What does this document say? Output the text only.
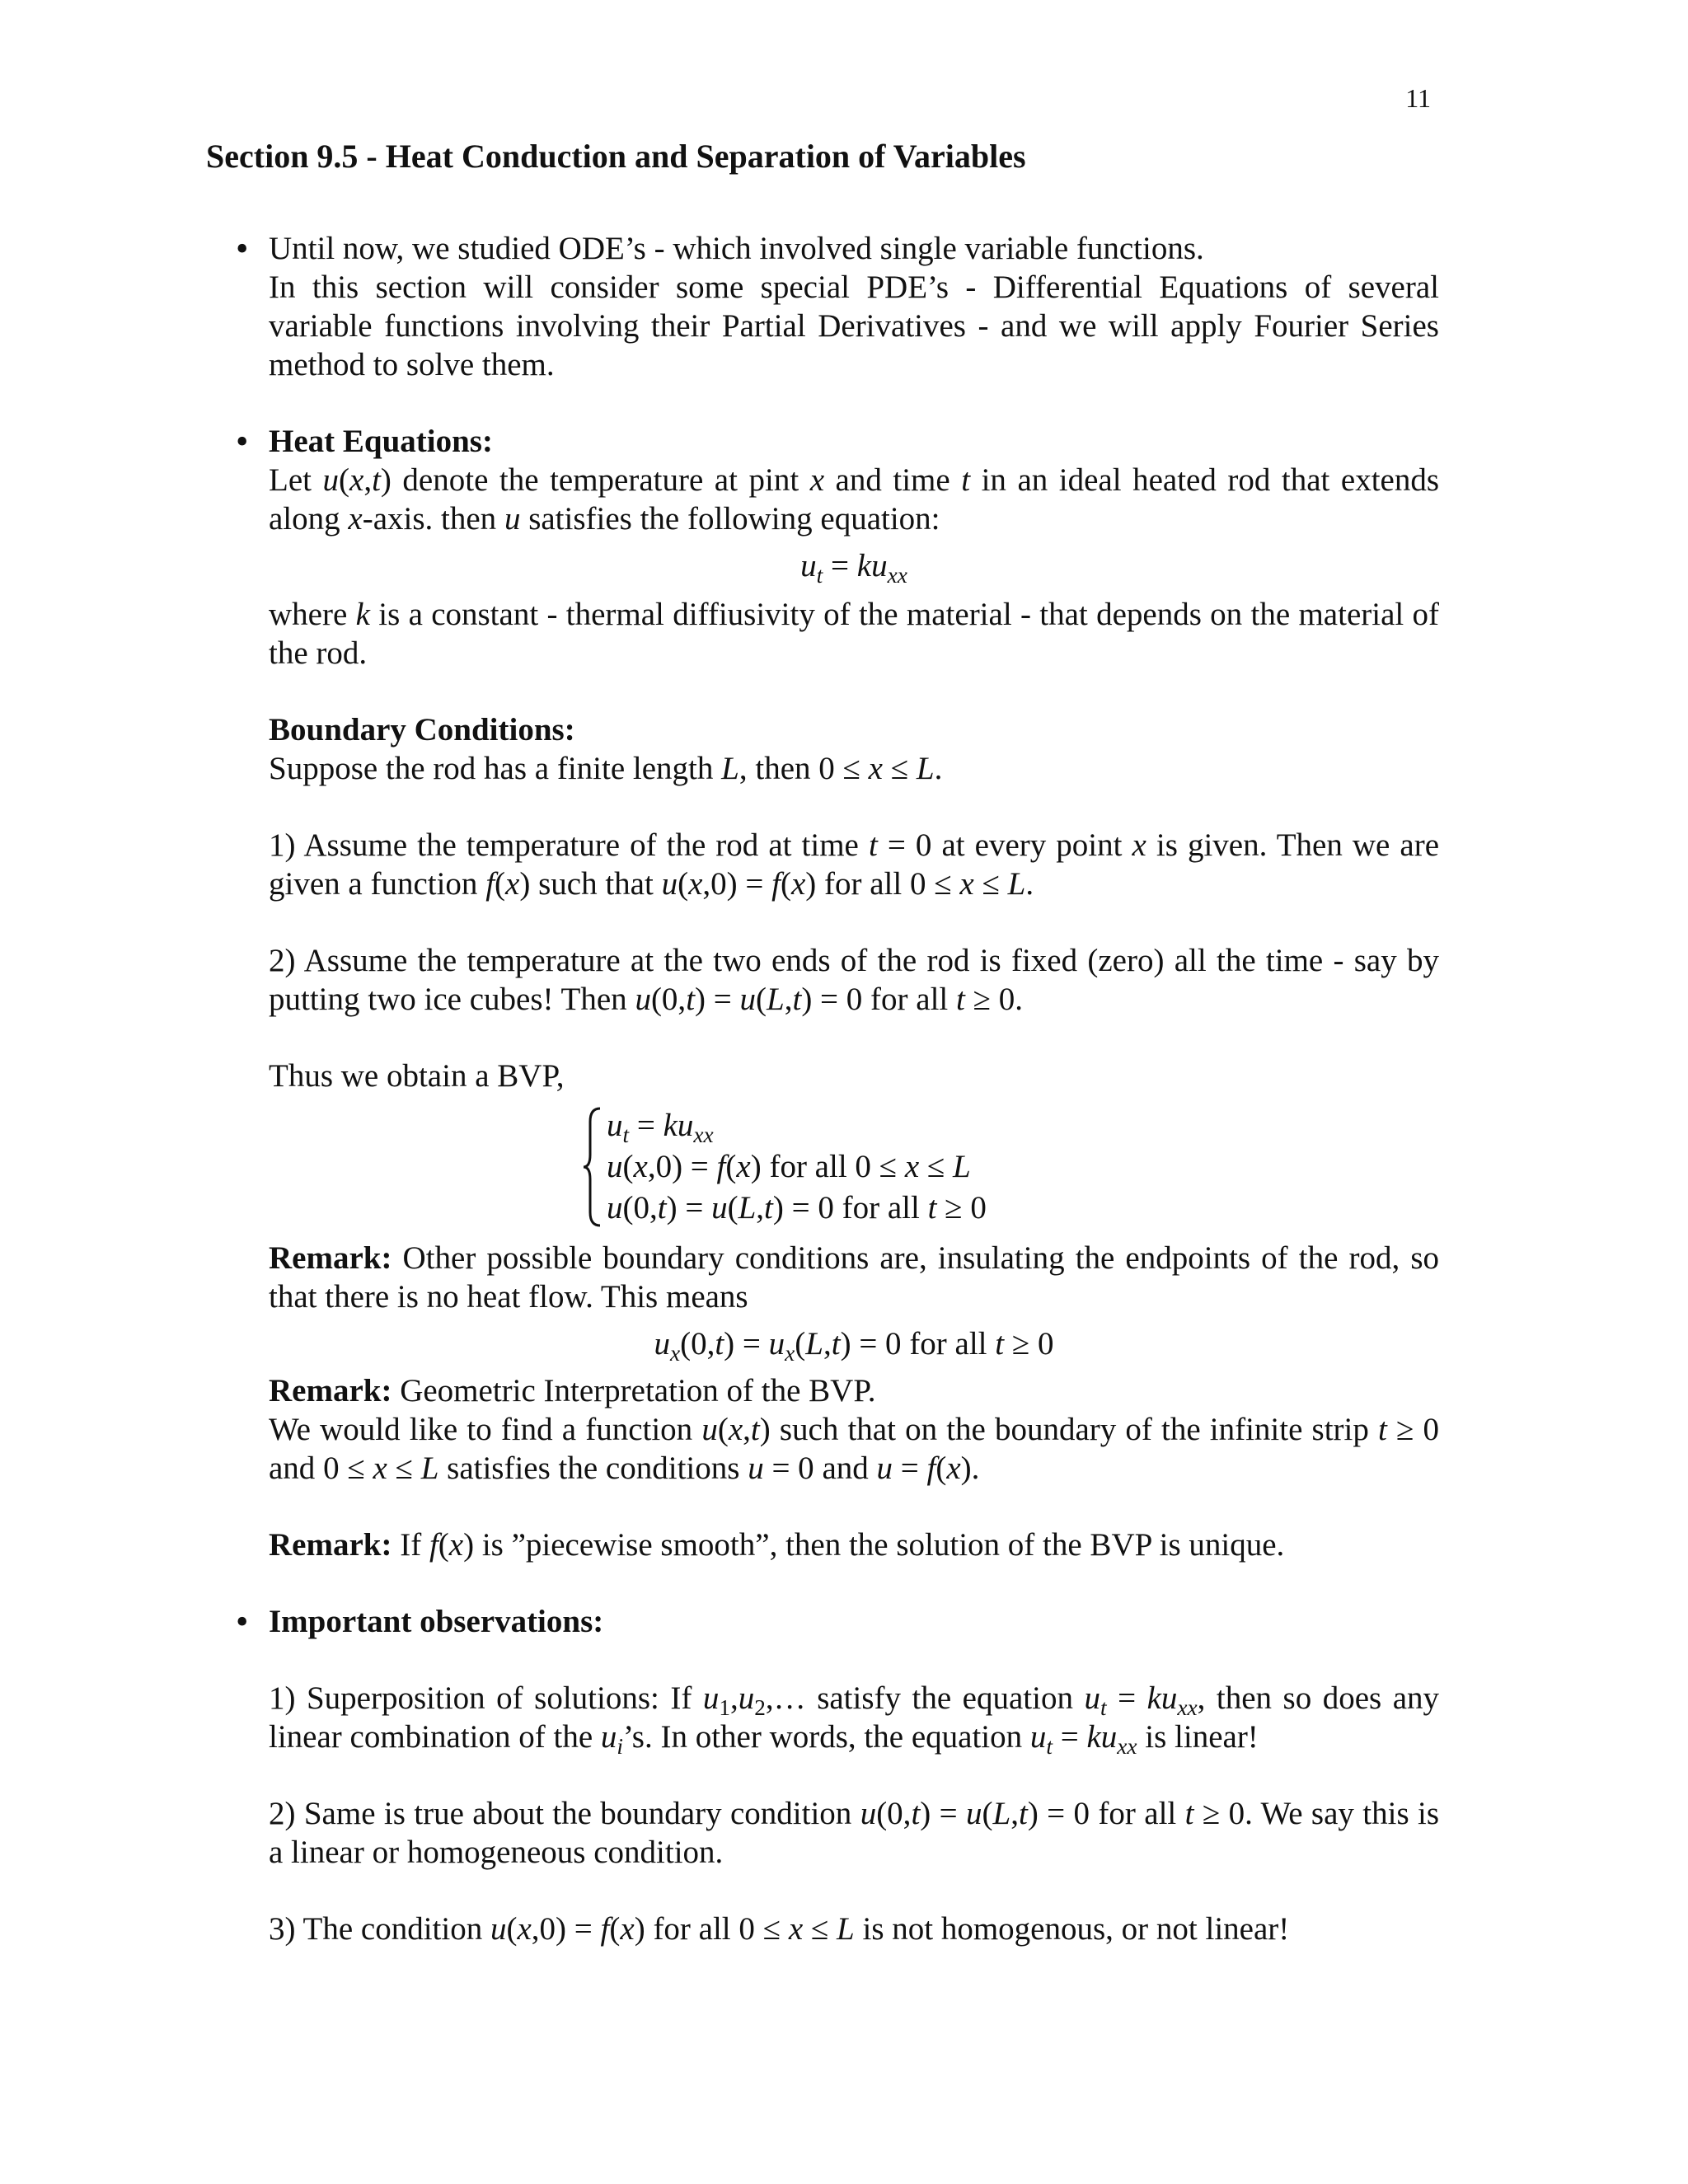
11
Section 9.5 - Heat Conduction and Separation of Variables

• Until now, we studied ODE’s - which involved single variable functions.

In this section will consider some special PDE’s - Differential Equations of several variable functions involving their Partial Derivatives - and we will apply Fourier Series method to solve them.

• Heat Equations:

Let u(x,t) denote the temperature at pint x and time t in an ideal heated rod that extends along x-axis. then u satisfies the following equation:

$u_t = ku_{xx}$

where k is a constant - thermal diffiusivity of the material - that depends on the material of the rod.

Boundary Conditions:

Suppose the rod has a finite length L, then 0 ≤ x ≤ L.

1) Assume the temperature of the rod at time t = 0 at every point x is given. Then we are given a function f(x) such that u(x,0) = f(x) for all 0 ≤ x ≤ L.

2) Assume the temperature at the two ends of the rod is fixed (zero) all the time - say by putting two ice cubes! Then u(0,t) = u(L,t) = 0 for all t ≥ 0.

Thus we obtain a BVP,

$u_t = ku_{xx}$
u(x,0) = f(x) for all 0 ≤ x ≤ L
u(0,t) = u(L,t) = 0 for all t ≥ 0

Remark: Other possible boundary conditions are, insulating the endpoints of the rod, so that there is no heat flow. This means

$u_x(0,t) = u_x(L,t) = 0$ for all t ≥ 0

Remark: Geometric Interpretation of the BVP.

We would like to find a function u(x,t) such that on the boundary of the infinite strip t ≥ 0 and 0 ≤ x ≤ L satisfies the conditions u = 0 and u = f(x).

Remark: If f(x) is ”piecewise smooth”, then the solution of the BVP is unique.

• Important observations:

1) Superposition of solutions: If $u_1,u_2,\dots$ satisfy the equation $u_t = ku_{xx}$, then so does any linear combination of the $u_i’s$. In other words, the equation $u_t = ku_{xx}$ is linear!

2) Same is true about the boundary condition u(0,t) = u(L,t) = 0 for all t ≥ 0. We say this is a linear or homogeneous condition.

3) The condition u(x,0) = f(x) for all 0 ≤ x ≤ L is not homogenous, or not linear!
